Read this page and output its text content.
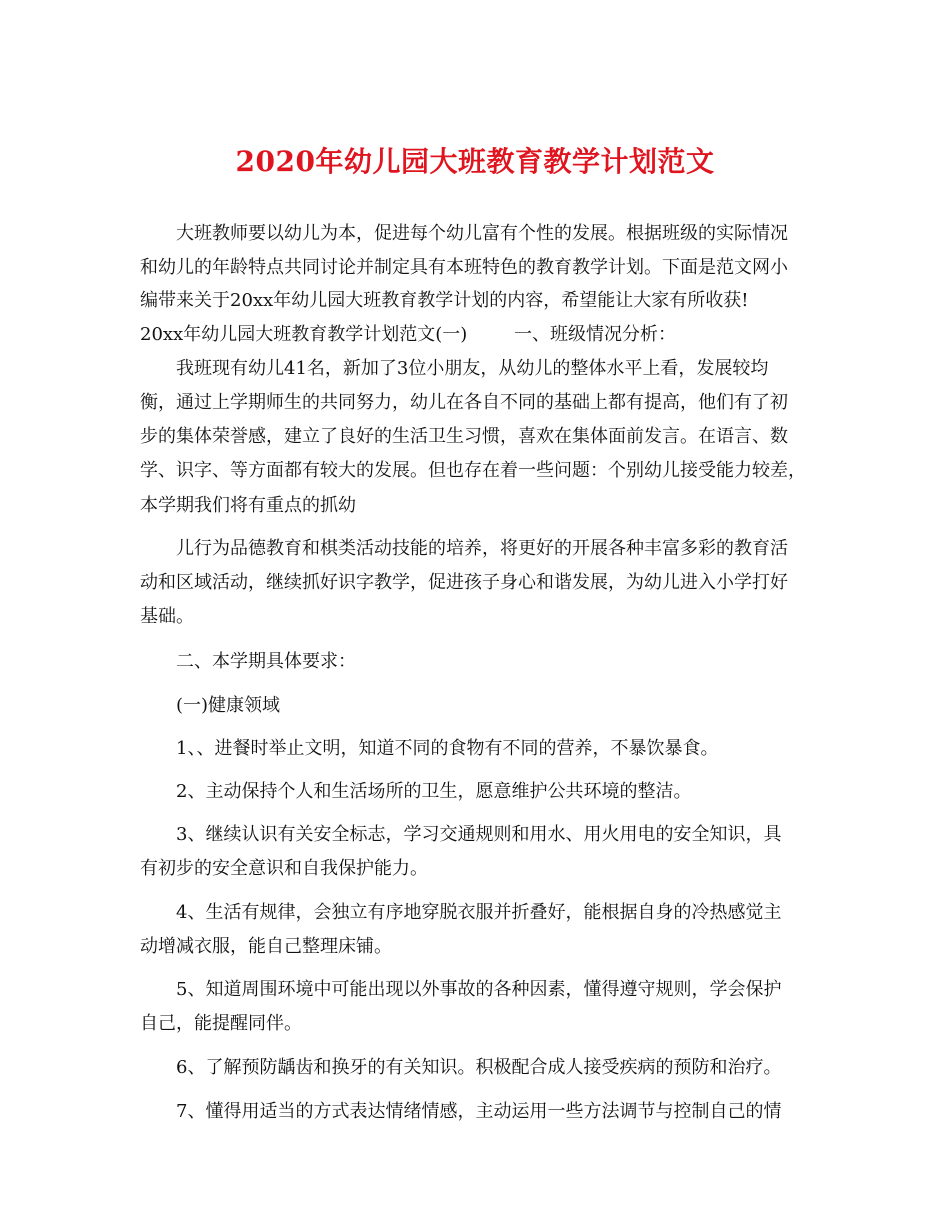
2020年幼儿园大班教育教学计划范文
大班教师要以幼儿为本，促进每个幼儿富有个性的发展。根据班级的实际情况
和幼儿的年龄特点共同讨论并制定具有本班特色的教育教学计划。下面是范文网小
编带来关于20xx年幼儿园大班教育教学计划的内容，希望能让大家有所收获!
20xx年幼儿园大班教育教学计划范文(一)	一、班级情况分析：
我班现有幼儿41名，新加了3位小朋友，从幼儿的整体水平上看，发展较均
衡，通过上学期师生的共同努力，幼儿在各自不同的基础上都有提高，他们有了初
步的集体荣誉感，建立了良好的生活卫生习惯，喜欢在集体面前发言。在语言、数
学、识字、等方面都有较大的发展。但也存在着一些问题：个别幼儿接受能力较差，
本学期我们将有重点的抓幼
儿行为品德教育和棋类活动技能的培养，将更好的开展各种丰富多彩的教育活
动和区域活动，继续抓好识字教学，促进孩子身心和谐发展，为幼儿进入小学打好
基础。
二、本学期具体要求：
(一)健康领域
1、、进餐时举止文明，知道不同的食物有不同的营养，不暴饮暴食。
2、主动保持个人和生活场所的卫生，愿意维护公共环境的整洁。
3、继续认识有关安全标志，学习交通规则和用水、用火用电的安全知识，具
有初步的安全意识和自我保护能力。
4、生活有规律，会独立有序地穿脱衣服并折叠好，能根据自身的冷热感觉主
动增减衣服，能自己整理床铺。
5、知道周围环境中可能出现以外事故的各种因素，懂得遵守规则，学会保护
自己，能提醒同伴。
6、了解预防龋齿和换牙的有关知识。积极配合成人接受疾病的预防和治疗。
7、懂得用适当的方式表达情绪情感，主动运用一些方法调节与控制自己的情
